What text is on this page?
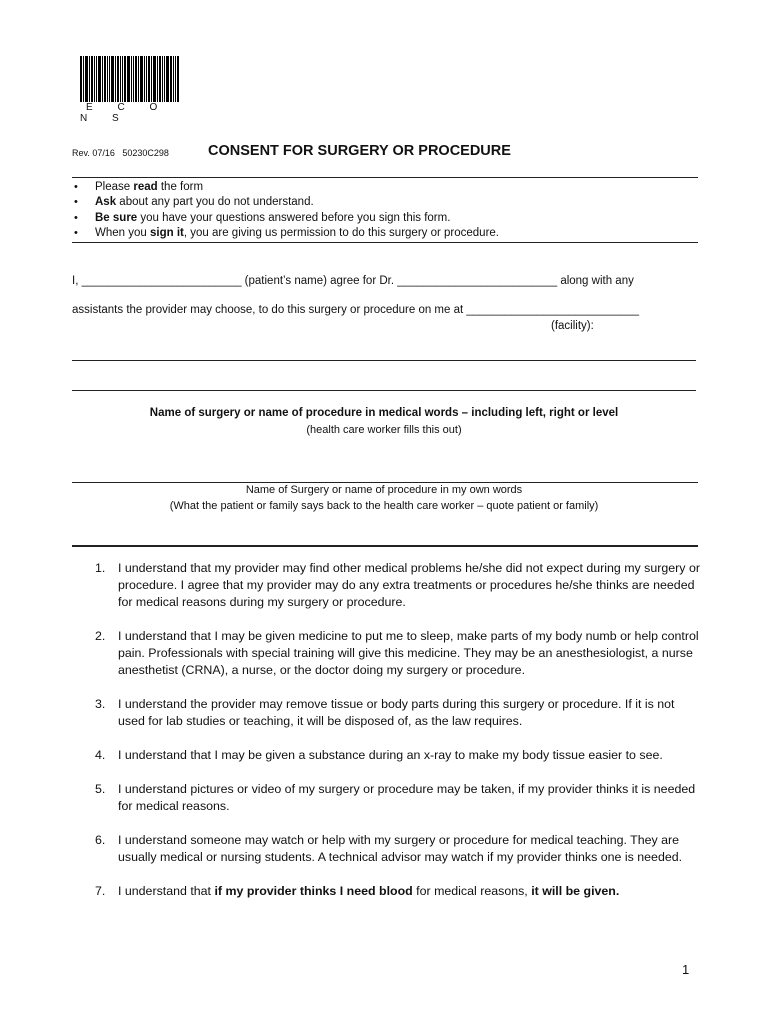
E C O N S
Rev. 07/16   50230C298	CONSENT FOR SURGERY OR PROCEDURE
• Please read the form
• Ask about any part you do not understand.
• Be sure you have your questions answered before you sign this form.
• When you sign it, you are giving us permission to do this surgery or procedure.
I, _________________________ (patient’s name) agree for Dr. _________________________ along with any
assistants the provider may choose, to do this surgery or procedure on me at ___________________________
(facility):
Name of surgery or name of procedure in medical words – including left, right or level
(health care worker fills this out)
Name of Surgery or name of procedure in my own words
(What the patient or family says back to the health care worker – quote patient or family)
1. I understand that my provider may find other medical problems he/she did not expect during my surgery or procedure. I agree that my provider may do any extra treatments or procedures he/she thinks are needed for medical reasons during my surgery or procedure.
2. I understand that I may be given medicine to put me to sleep, make parts of my body numb or help control pain. Professionals with special training will give this medicine. They may be an anesthesiologist, a nurse anesthetist (CRNA), a nurse, or the doctor doing my surgery or procedure.
3. I understand the provider may remove tissue or body parts during this surgery or procedure. If it is not used for lab studies or teaching, it will be disposed of, as the law requires.
4. I understand that I may be given a substance during an x-ray to make my body tissue easier to see.
5. I understand pictures or video of my surgery or procedure may be taken, if my provider thinks it is needed for medical reasons.
6. I understand someone may watch or help with my surgery or procedure for medical teaching. They are usually medical or nursing students. A technical advisor may watch if my provider thinks one is needed.
7. I understand that if my provider thinks I need blood for medical reasons, it will be given.
1
